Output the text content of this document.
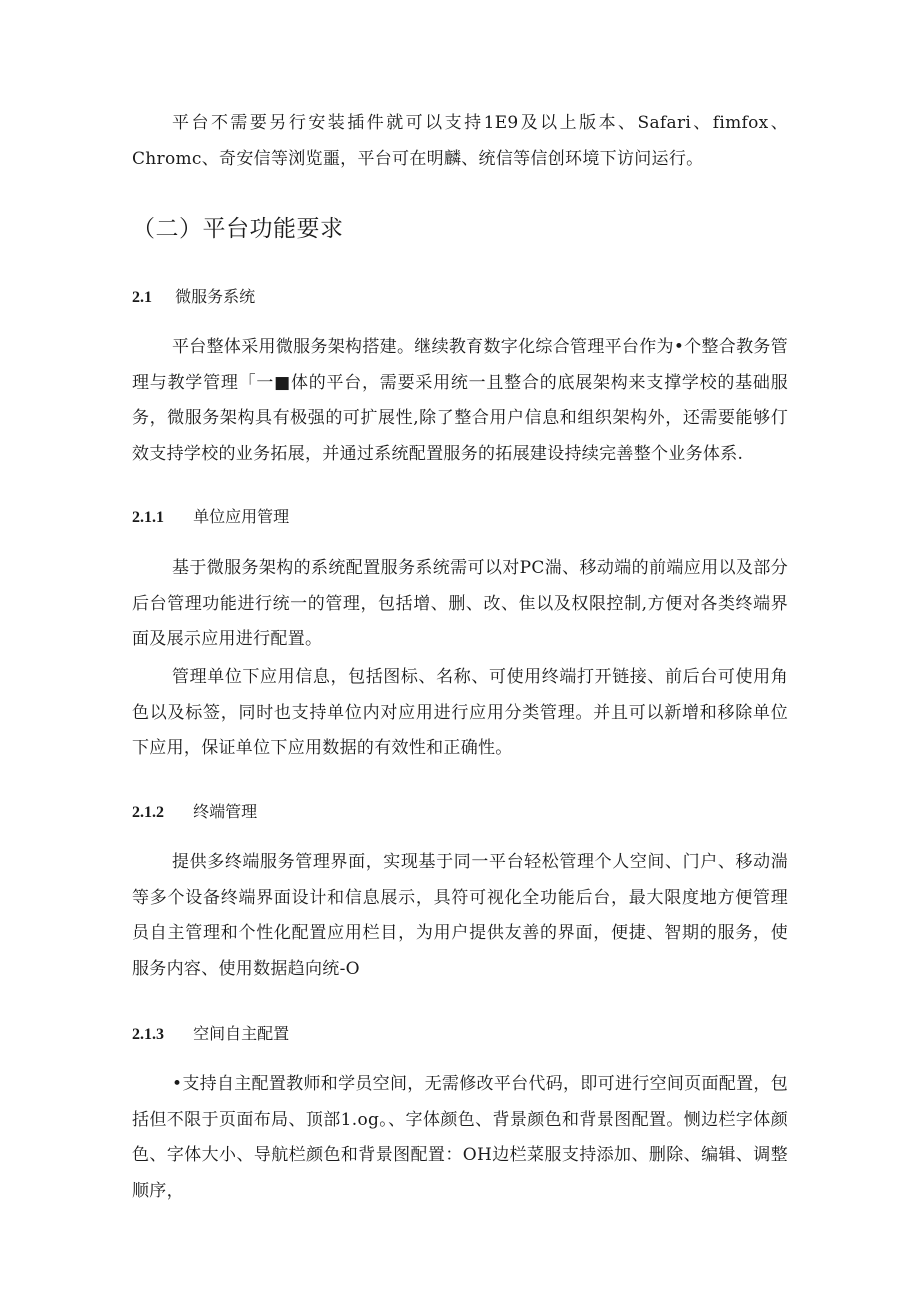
平台不需要另行安装插件就可以支持1E9及以上版本、Safari、fimfox、Chromc、奇安信等浏览噩，平台可在明麟、统信等信创环境下访问运行。

（二）平台功能要求
2.1 微服务系统

平台整体采用微服务架构搭建。继续教育数字化综合管理平台作为•个整合教务管理与教学管理「一■体的平台，需要采用统一且整合的底展架构来支撑学校的基础服务，微服务架构具有极强的可扩展性,除了整合用户信息和组织架构外，还需要能够仃效支持学校的业务拓展，并通过系统配置服务的拓展建设持续完善整个业务体系.

2.1.1 单位应用管理

基于微服务架构的系统配置服务系统需可以对PC湍、移动端的前端应用以及部分后台管理功能进行统一的管理，包括增、删、改、隹以及权限控制,方便对各类终端界面及展示应用进行配置。

管理单位下应用信息，包括图标、名称、可使用终端打开链接、前后台可使用角色以及标签，同时也支持单位内对应用进行应用分类管理。并且可以新增和移除单位下应用，保证单位下应用数据的有效性和正确性。

2.1.2 终端管理

提供多终端服务管理界面，实现基于同一平台轻松管理个人空间、门户、移动湍等多个设备终端界面设计和信息展示，具符可视化全功能后台，最大限度地方便管理员自主管理和个性化配置应用栏目，为用户提供友善的界面，便捷、智期的服务，使服务内容、使用数据趋向统-O

2.1.3 空间自主配置

•支持自主配置教师和学员空间，无需修改平台代码，即可进行空间页面配置，包括但不限于页面布局、顶部1.og。、字体颜色、背景颜色和背景图配置。恻边栏字体颜色、字体大小、导航栏颜色和背景图配置：OH边栏菜服支持添加、删除、编辑、调整顺序，
